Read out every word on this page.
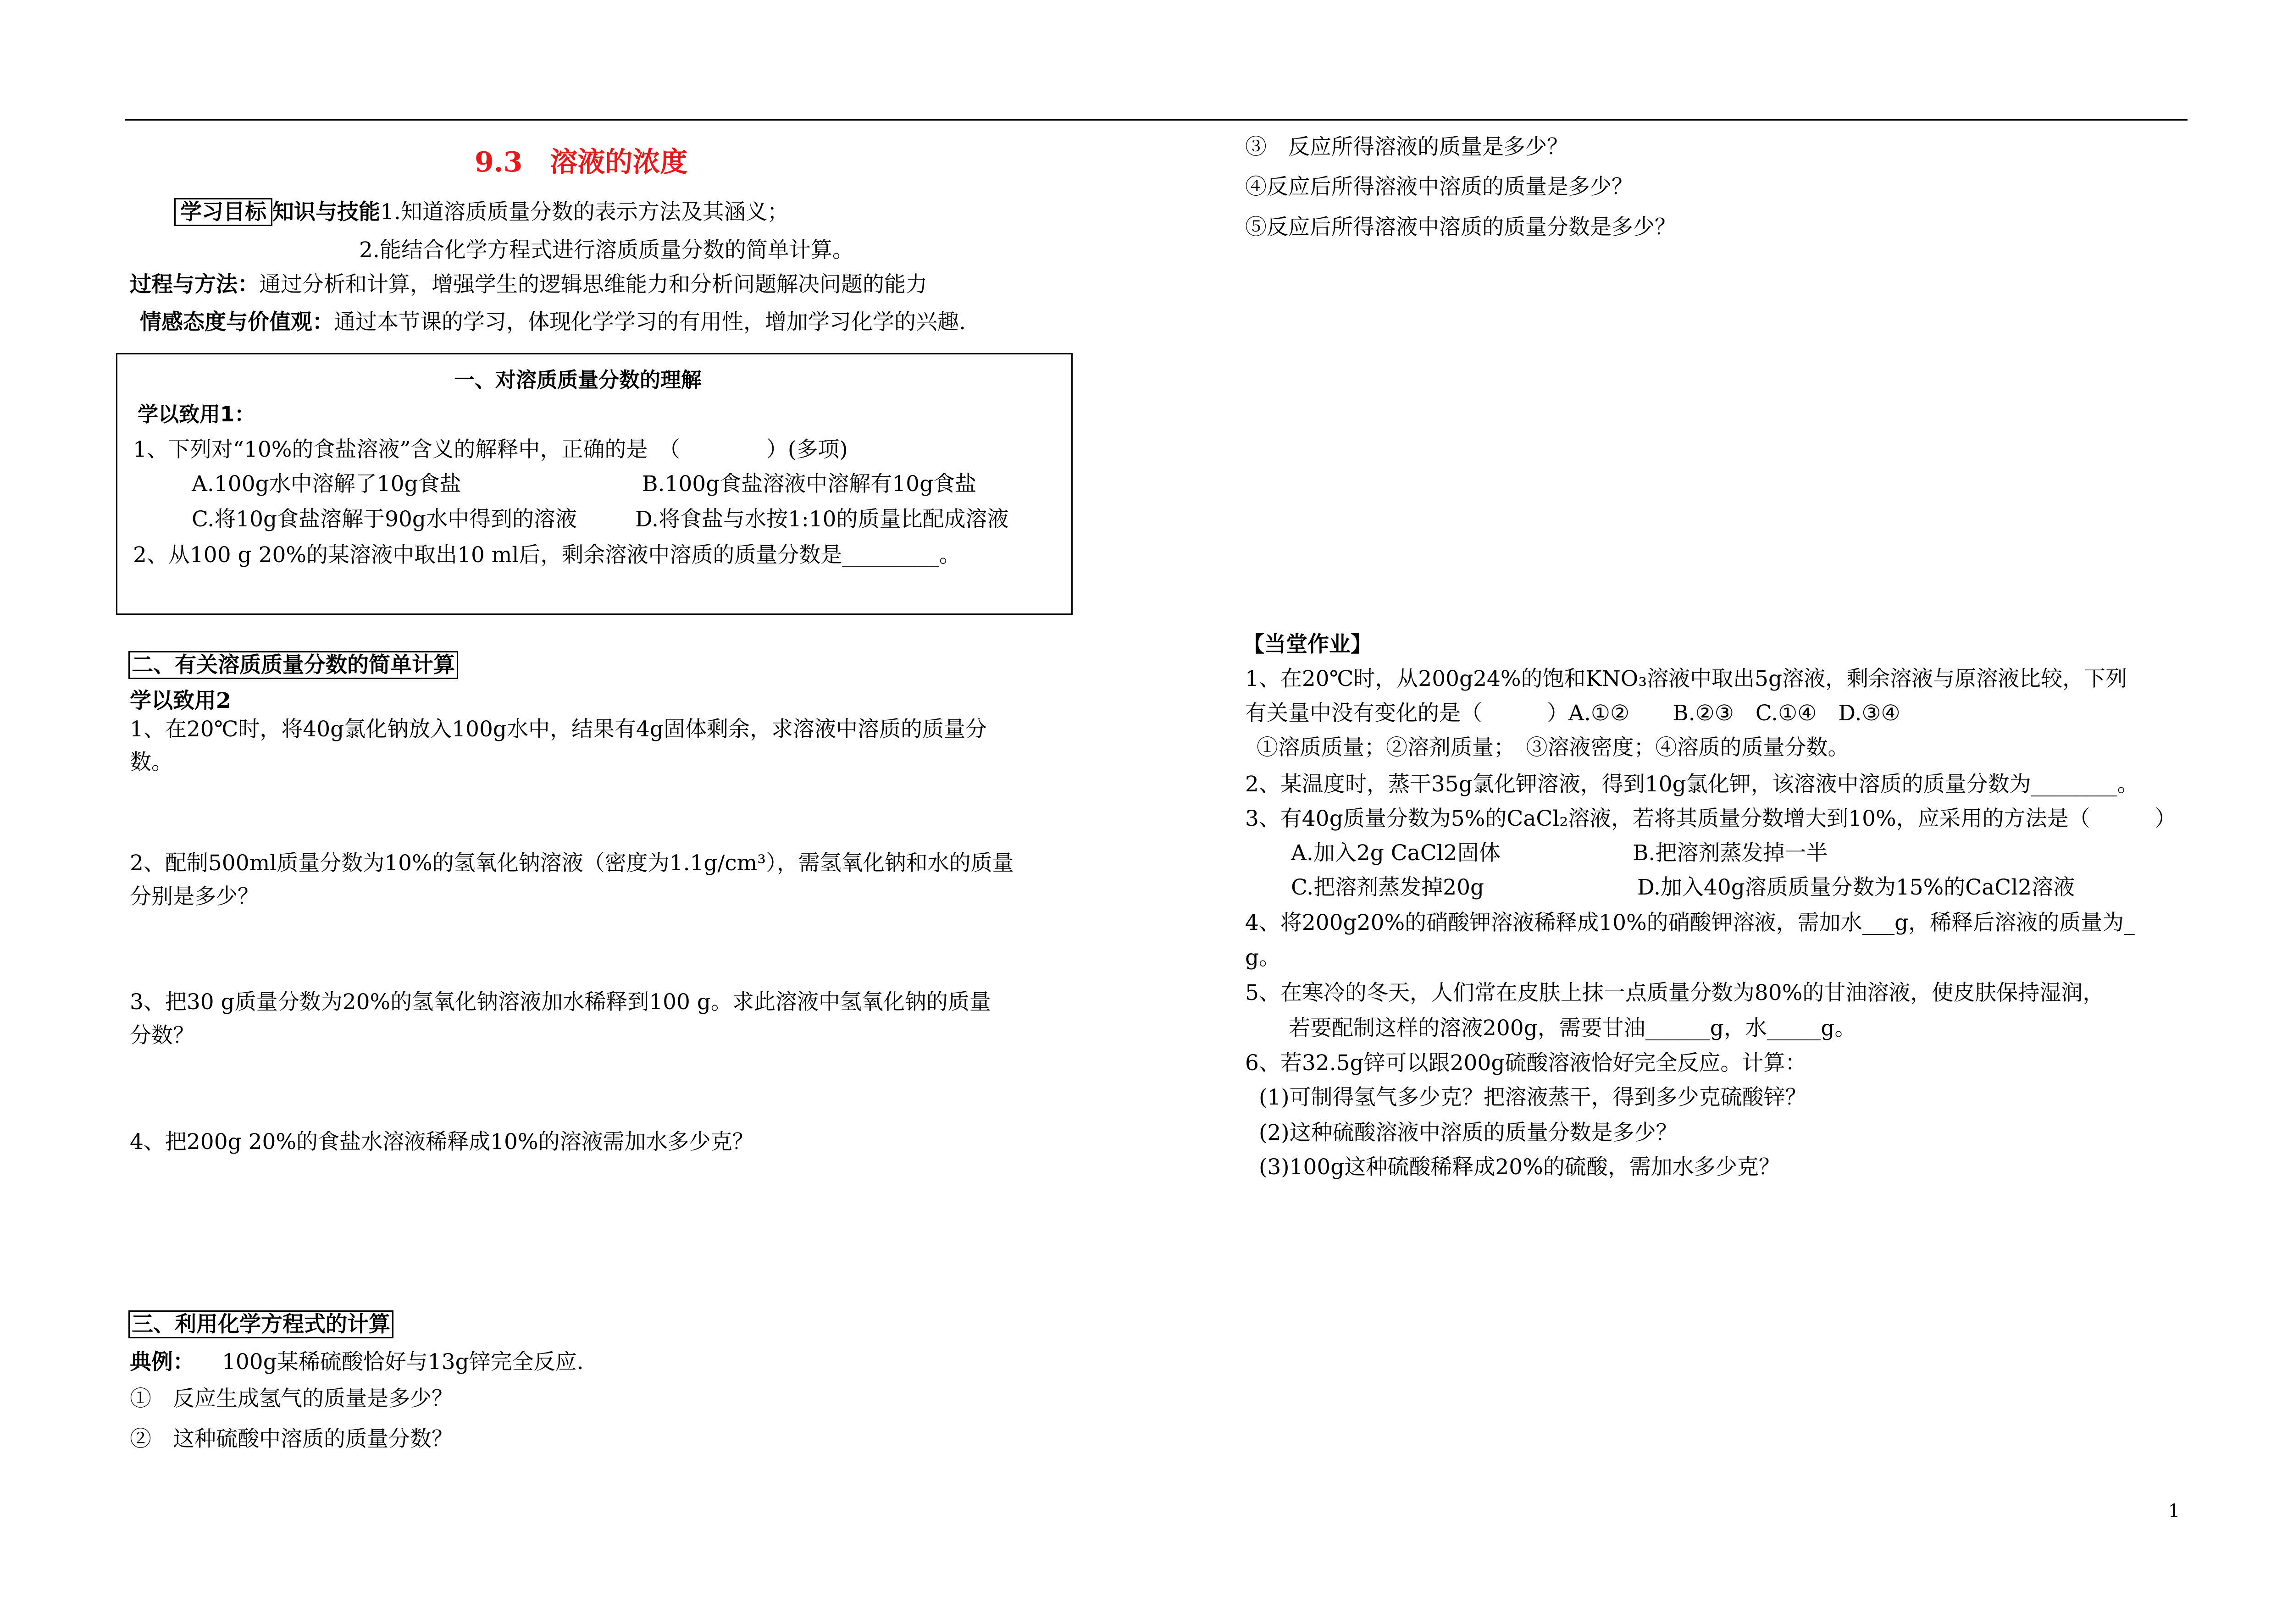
9.3　溶液的浓度
学习目标 知识与技能1.知道溶质质量分数的表示方法及其涵义；
2.能结合化学方程式进行溶质质量分数的简单计算。
过程与方法：通过分析和计算，增强学生的逻辑思维能力和分析问题解决问题的能力
情感态度与价值观：通过本节课的学习，体现化学学习的有用性，增加学习化学的兴趣.
一、对溶质质量分数的理解
学以致用1：
1、下列对“10%的食盐溶液”含义的解释中，正确的是　（　　　　）(多项)
A.100g水中溶解了10g食盐	B.100g食盐溶液中溶解有10g食盐
C.将10g食盐溶解于90g水中得到的溶液	D.将食盐与水按1:10的质量比配成溶液
2、从100 g 20%的某溶液中取出10 ml后，剩余溶液中溶质的质量分数是_________。
二、有关溶质质量分数的简单计算
学以致用2
1、在20℃时，将40g氯化钠放入100g水中，结果有4g固体剩余，求溶液中溶质的质量分
数。
2、配制500ml质量分数为10%的氢氧化钠溶液（密度为1.1g/cm³），需氢氧化钠和水的质量
分别是多少？
3、把30 g质量分数为20%的氢氧化钠溶液加水稀释到100 g。求此溶液中氢氧化钠的质量
分数？
4、把200g 20%的食盐水溶液稀释成10%的溶液需加水多少克？
三、利用化学方程式的计算
典例： 100g某稀硫酸恰好与13g锌完全反应.
①　反应生成氢气的质量是多少？
②　这种硫酸中溶质的质量分数？
③　反应所得溶液的质量是多少？
④反应后所得溶液中溶质的质量是多少？
⑤反应后所得溶液中溶质的质量分数是多少？
【当堂作业】
1、在20℃时，从200g24%的饱和KNO₃溶液中取出5g溶液，剩余溶液与原溶液比较，下列
有关量中没有变化的是（　　　）A.①②　　B.②③　C.①④　D.③④
①溶质质量；②溶剂质量；　③溶液密度；④溶质的质量分数。
2、某温度时，蒸干35g氯化钾溶液，得到10g氯化钾，该溶液中溶质的质量分数为________。
3、有40g质量分数为5%的CaCl₂溶液，若将其质量分数增大到10%，应采用的方法是（　　　）
A.加入2g CaCl2固体	B.把溶剂蒸发掉一半
C.把溶剂蒸发掉20g	D.加入40g溶质质量分数为15%的CaCl2溶液
4、将200g20%的硝酸钾溶液稀释成10%的硝酸钾溶液，需加水___g，稀释后溶液的质量为_
g。
5、在寒冷的冬天，人们常在皮肤上抹一点质量分数为80%的甘油溶液，使皮肤保持湿润，
若要配制这样的溶液200g，需要甘油______g，水_____g。
6、若32.5g锌可以跟200g硫酸溶液恰好完全反应。计算：
(1)可制得氢气多少克？把溶液蒸干，得到多少克硫酸锌？
(2)这种硫酸溶液中溶质的质量分数是多少？
(3)100g这种硫酸稀释成20%的硫酸，需加水多少克？
1
